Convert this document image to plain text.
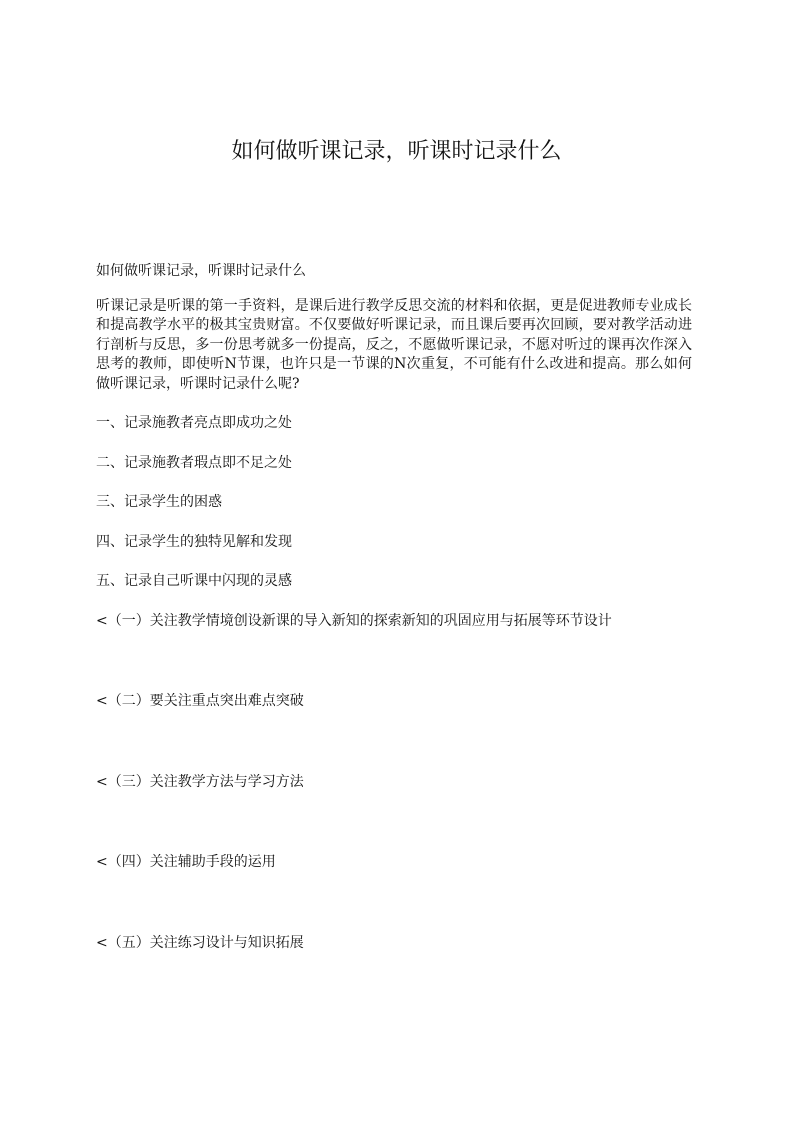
如何做听课记录，听课时记录什么

如何做听课记录，听课时记录什么

听课记录是听课的第一手资料，是课后进行教学反思交流的材料和依据，更是促进教师专业成长和提高教学水平的极其宝贵财富。不仅要做好听课记录，而且课后要再次回顾，要对教学活动进行剖析与反思，多一份思考就多一份提高，反之，不愿做听课记录，不愿对听过的课再次作深入思考的教师，即使听N节课，也许只是一节课的N次重复，不可能有什么改进和提高。那么如何做听课记录，听课时记录什么呢?

一、记录施教者亮点即成功之处

二、记录施教者瑕点即不足之处

三、记录学生的困惑

四、记录学生的独特见解和发现

五、记录自己听课中闪现的灵感

<（一）关注教学情境创设新课的导入新知的探索新知的巩固应用与拓展等环节设计

<（二）要关注重点突出难点突破

<（三）关注教学方法与学习方法

<（四）关注辅助手段的运用

<（五）关注练习设计与知识拓展
